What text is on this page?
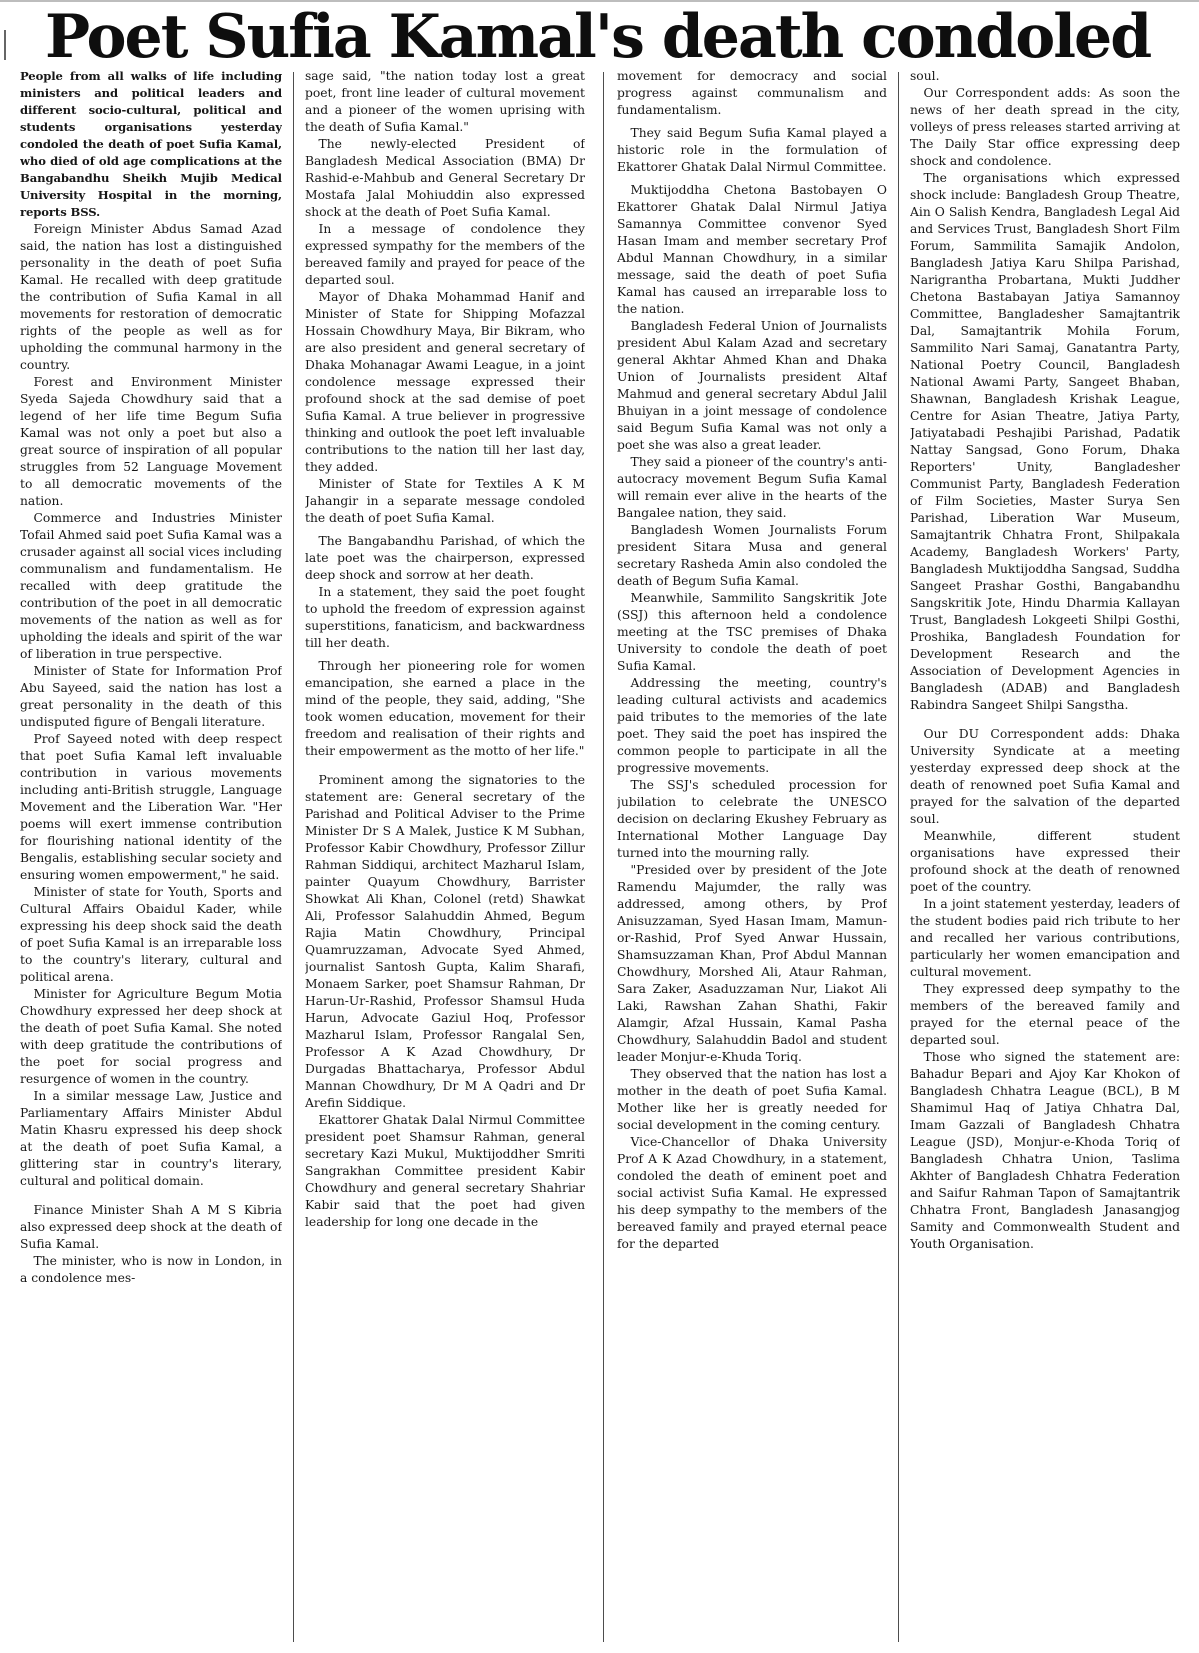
Poet Sufia Kamal's death condoled

People from all walks of life including ministers and political leaders and different socio-cultural, political and students organisations yesterday condoled the death of poet Sufia Kamal, who died of old age complications at the Bangabandhu Sheikh Mujib Medical University Hospital in the morning, reports BSS.

Foreign Minister Abdus Samad Azad said, the nation has lost a distinguished personality in the death of poet Sufia Kamal. He recalled with deep gratitude the contribution of Sufia Kamal in all movements for restoration of democratic rights of the people as well as for upholding the communal harmony in the country.

Forest and Environment Minister Syeda Sajeda Chowdhury said that a legend of her life time Begum Sufia Kamal was not only a poet but also a great source of inspiration of all popular struggles from 52 Language Movement to all democratic movements of the nation.

Commerce and Industries Minister Tofail Ahmed said poet Sufia Kamal was a crusader against all social vices including communalism and fundamentalism. He recalled with deep gratitude the contribution of the poet in all democratic movements of the nation as well as for upholding the ideals and spirit of the war of liberation in true perspective.

Minister of State for Information Prof Abu Sayeed, said the nation has lost a great personality in the death of this undisputed figure of Bengali literature.

Prof Sayeed noted with deep respect that poet Sufia Kamal left invaluable contribution in various movements including anti-British struggle, Language Movement and the Liberation War. "Her poems will exert immense contribution for flourishing national identity of the Bengalis, establishing secular society and ensuring women empowerment," he said.

Minister of state for Youth, Sports and Cultural Affairs Obaidul Kader, while expressing his deep shock said the death of poet Sufia Kamal is an irreparable loss to the country's literary, cultural and political arena.

Minister for Agriculture Begum Motia Chowdhury expressed her deep shock at the death of poet Sufia Kamal. She noted with deep gratitude the contributions of the poet for social progress and resurgence of women in the country.

In a similar message Law, Justice and Parliamentary Affairs Minister Abdul Matin Khasru expressed his deep shock at the death of poet Sufia Kamal, a glittering star in country's literary, cultural and political domain.

Finance Minister Shah A M S Kibria also expressed deep shock at the death of Sufia Kamal.

The minister, who is now in London, in a condolence mes-

sage said, "the nation today lost a great poet, front line leader of cultural movement and a pioneer of the women uprising with the death of Sufia Kamal."

The newly-elected President of Bangladesh Medical Association (BMA) Dr Rashid-e-Mahbub and General Secretary Dr Mostafa Jalal Mohiuddin also expressed shock at the death of Poet Sufia Kamal.

In a message of condolence they expressed sympathy for the members of the bereaved family and prayed for peace of the departed soul.

Mayor of Dhaka Mohammad Hanif and Minister of State for Shipping Mofazzal Hossain Chowdhury Maya, Bir Bikram, who are also president and general secretary of Dhaka Mohanagar Awami League, in a joint condolence message expressed their profound shock at the sad demise of poet Sufia Kamal. A true believer in progressive thinking and outlook the poet left invaluable contributions to the nation till her last day, they added.

Minister of State for Textiles A K M Jahangir in a separate message condoled the death of poet Sufia Kamal.

The Bangabandhu Parishad, of which the late poet was the chairperson, expressed deep shock and sorrow at her death.

In a statement, they said the poet fought to uphold the freedom of expression against superstitions, fanaticism, and backwardness till her death.

Through her pioneering role for women emancipation, she earned a place in the mind of the people, they said, adding, "She took women education, movement for their freedom and realisation of their rights and their empowerment as the motto of her life."

Prominent among the signatories to the statement are: General secretary of the Parishad and Political Adviser to the Prime Minister Dr S A Malek, Justice K M Subhan, Professor Kabir Chowdhury, Professor Zillur Rahman Siddiqui, architect Mazharul Islam, painter Quayum Chowdhury, Barrister Showkat Ali Khan, Colonel (retd) Shawkat Ali, Professor Salahuddin Ahmed, Begum Rajia Matin Chowdhury, Principal Quamruzzaman, Advocate Syed Ahmed, journalist Santosh Gupta, Kalim Sharafi, Monaem Sarker, poet Shamsur Rahman, Dr Harun-Ur-Rashid, Professor Shamsul Huda Harun, Advocate Gaziul Hoq, Professor Mazharul Islam, Professor Rangalal Sen, Professor A K Azad Chowdhury, Dr Durgadas Bhattacharya, Professor Abdul Mannan Chowdhury, Dr M A Qadri and Dr Arefin Siddique.

Ekattorer Ghatak Dalal Nirmul Committee president poet Shamsur Rahman, general secretary Kazi Mukul, Muktijoddher Smriti Sangrakhan Committee president Kabir Chowdhury and general secretary Shahriar Kabir said that the poet had given leadership for long one decade in the

movement for democracy and social progress against communalism and fundamentalism.

They said Begum Sufia Kamal played a historic role in the formulation of Ekattorer Ghatak Dalal Nirmul Committee.

Muktijoddha Chetona Bastobayen O Ekattorer Ghatak Dalal Nirmul Jatiya Samannya Committee convenor Syed Hasan Imam and member secretary Prof Abdul Mannan Chowdhury, in a similar message, said the death of poet Sufia Kamal has caused an irreparable loss to the nation.

Bangladesh Federal Union of Journalists president Abul Kalam Azad and secretary general Akhtar Ahmed Khan and Dhaka Union of Journalists president Altaf Mahmud and general secretary Abdul Jalil Bhuiyan in a joint message of condolence said Begum Sufia Kamal was not only a poet she was also a great leader.

They said a pioneer of the country's anti-autocracy movement Begum Sufia Kamal will remain ever alive in the hearts of the Bangalee nation, they said.

Bangladesh Women Journalists Forum president Sitara Musa and general secretary Rasheda Amin also condoled the death of Begum Sufia Kamal.

Meanwhile, Sammilito Sangskritik Jote (SSJ) this afternoon held a condolence meeting at the TSC premises of Dhaka University to condole the death of poet Sufia Kamal.

Addressing the meeting, country's leading cultural activists and academics paid tributes to the memories of the late poet. They said the poet has inspired the common people to participate in all the progressive movements.

The SSJ's scheduled procession for jubilation to celebrate the UNESCO decision on declaring Ekushey February as International Mother Language Day turned into the mourning rally.

"Presided over by president of the Jote Ramendu Majumder, the rally was addressed, among others, by Prof Anisuzzaman, Syed Hasan Imam, Mamun-or-Rashid, Prof Syed Anwar Hussain, Shamsuzzaman Khan, Prof Abdul Mannan Chowdhury, Morshed Ali, Ataur Rahman, Sara Zaker, Asaduzzaman Nur, Liakot Ali Laki, Rawshan Zahan Shathi, Fakir Alamgir, Afzal Hussain, Kamal Pasha Chowdhury, Salahuddin Badol and student leader Monjur-e-Khuda Toriq.

They observed that the nation has lost a mother in the death of poet Sufia Kamal. Mother like her is greatly needed for social development in the coming century.

Vice-Chancellor of Dhaka University Prof A K Azad Chowdhury, in a statement, condoled the death of eminent poet and social activist Sufia Kamal. He expressed his deep sympathy to the members of the bereaved family and prayed eternal peace for the departed

soul.

Our Correspondent adds: As soon the news of her death spread in the city, volleys of press releases started arriving at The Daily Star office expressing deep shock and condolence.

The organisations which expressed shock include: Bangladesh Group Theatre, Ain O Salish Kendra, Bangladesh Legal Aid and Services Trust, Bangladesh Short Film Forum, Sammilita Samajik Andolon, Bangladesh Jatiya Karu Shilpa Parishad, Narigrantha Probartana, Mukti Juddher Chetona Bastabayan Jatiya Samannoy Committee, Bangladesher Samajtantrik Dal, Samajtantrik Mohila Forum, Sammilito Nari Samaj, Ganatantra Party, National Poetry Council, Bangladesh National Awami Party, Sangeet Bhaban, Shawnan, Bangladesh Krishak League, Centre for Asian Theatre, Jatiya Party, Jatiyatabadi Peshajibi Parishad, Padatik Nattay Sangsad, Gono Forum, Dhaka Reporters' Unity, Bangladesher Communist Party, Bangladesh Federation of Film Societies, Master Surya Sen Parishad, Liberation War Museum, Samajtantrik Chhatra Front, Shilpakala Academy, Bangladesh Workers' Party, Bangladesh Muktijoddha Sangsad, Suddha Sangeet Prashar Gosthi, Bangabandhu Sangskritik Jote, Hindu Dharmia Kallayan Trust, Bangladesh Lokgeeti Shilpi Gosthi, Proshika, Bangladesh Foundation for Development Research and the Association of Development Agencies in Bangladesh (ADAB) and Bangladesh Rabindra Sangeet Shilpi Sangstha.

Our DU Correspondent adds: Dhaka University Syndicate at a meeting yesterday expressed deep shock at the death of renowned poet Sufia Kamal and prayed for the salvation of the departed soul.

Meanwhile, different student organisations have expressed their profound shock at the death of renowned poet of the country.

In a joint statement yesterday, leaders of the student bodies paid rich tribute to her and recalled her various contributions, particularly her women emancipation and cultural movement.

They expressed deep sympathy to the members of the bereaved family and prayed for the eternal peace of the departed soul.

Those who signed the statement are: Bahadur Bepari and Ajoy Kar Khokon of Bangladesh Chhatra League (BCL), B M Shamimul Haq of Jatiya Chhatra Dal, Imam Gazzali of Bangladesh Chhatra League (JSD), Monjur-e-Khoda Toriq of Bangladesh Chhatra Union, Taslima Akhter of Bangladesh Chhatra Federation and Saifur Rahman Tapon of Samajtantrik Chhatra Front, Bangladesh Janasangjog Samity and Commonwealth Student and Youth Organisation.
